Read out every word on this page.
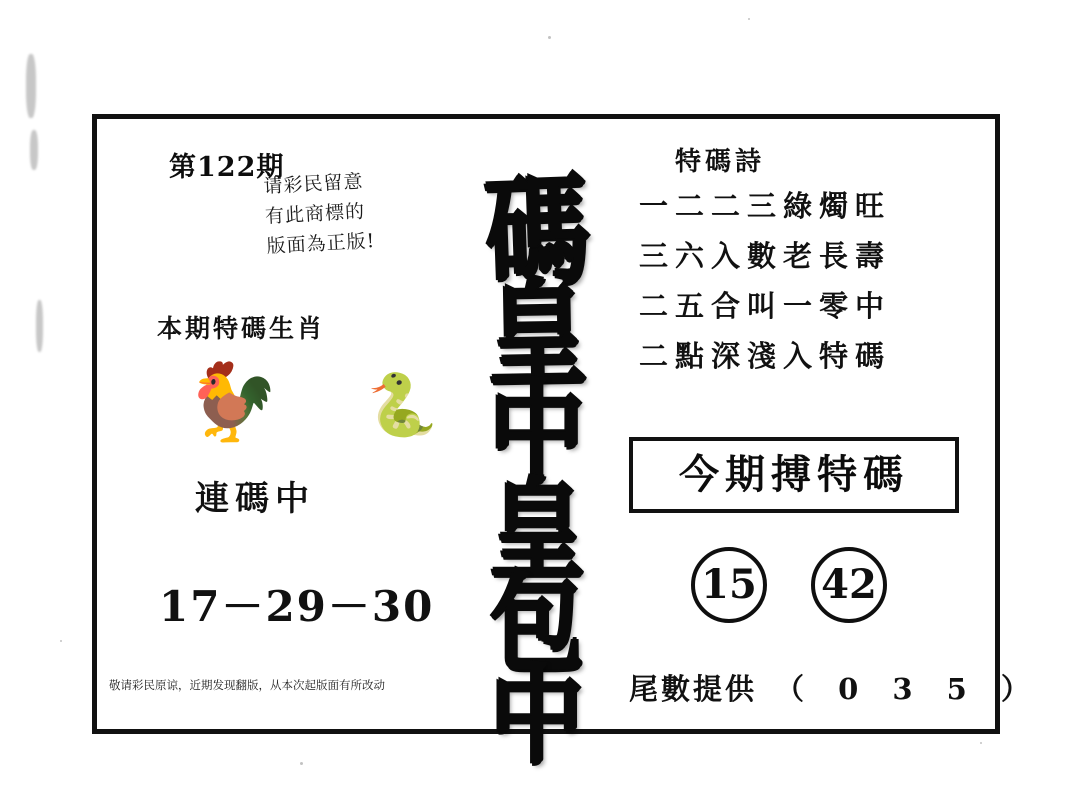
第122期
请彩民留意
有此商標的
版面為正版!
本期特碼生肖
🐓 🐍
連碼中
17－29－30
敬请彩民原谅，近期发现翻版，从本次起版面有所改动
碼
皇
中
皇
包
中
特碼詩
一二二三綠燭旺
三六入數老長壽
二五合叫一零中
二點深淺入特碼
今期搏特碼
15 42
尾數提供 （ 0 3 5 ）
